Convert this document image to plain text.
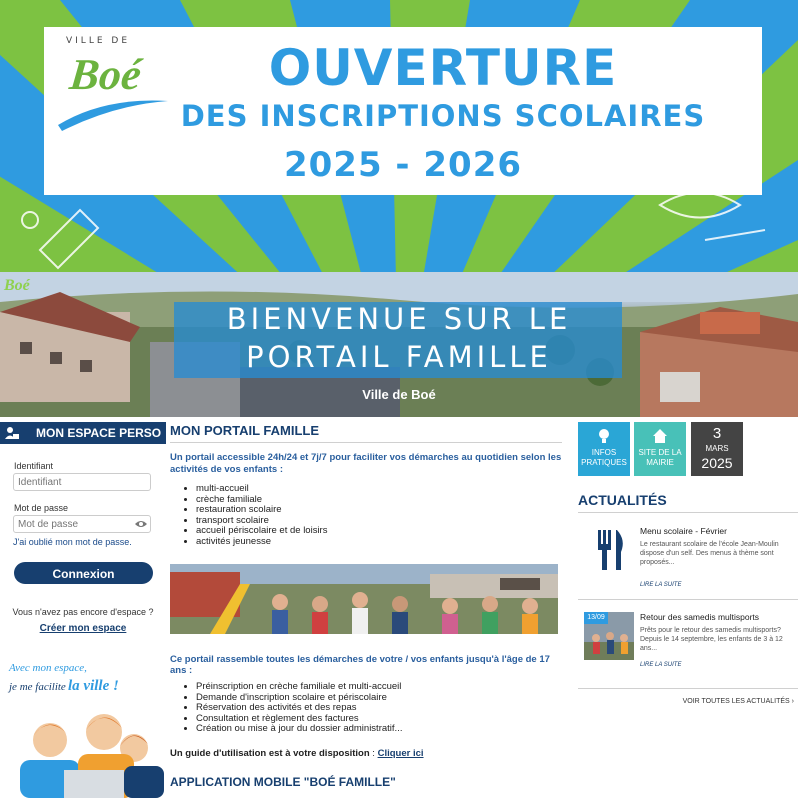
VILLE DE
Boé	OUVERTURE
DES INSCRIPTIONS SCOLAIRES
2025 - 2026
Boé
BIENVENUE SUR LE
PORTAIL FAMILLE
Ville de Boé
MON ESPACE PERSO
Identifiant
Identifiant
Mot de passe
J'ai oublié mon mot de passe.
Connexion
Vous n'avez pas encore d'espace ?
Créer mon espace
Avec mon espace,
je me facilite la ville !
MON PORTAIL FAMILLE
Un portail accessible 24h/24 et 7j/7 pour faciliter vos démarches au quotidien selon les activités de vos enfants :
• multi-accueil
• crèche familiale
• restauration scolaire
• transport scolaire
• accueil périscolaire et de loisirs
• activités jeunesse
Ce portail rassemble toutes les démarches de votre / vos enfants jusqu'à l'âge de 17 ans :
• Préinscription en crèche familiale et multi-accueil
• Demande d'inscription scolaire et périscolaire
• Réservation des activités et des repas
• Consultation et règlement des factures
• Création ou mise à jour du dossier administratif...
Un guide d'utilisation est à votre disposition : Cliquer ici
APPLICATION MOBILE "BOÉ FAMILLE"
INFOS PRATIQUES
SITE DE LA MAIRIE
3
MARS
2025
ACTUALITÉS
Menu scolaire - Février
Le restaurant scolaire de l'école Jean-Moulin dispose d'un self. Des menus à thème sont proposés...
LIRE LA SUITE
13/09	Retour des samedis multisports
Prêts pour le retour des samedis multisports? Depuis le 14 septembre, les enfants de 3 à 12 ans...
LIRE LA SUITE
VOIR TOUTES LES ACTUALITÉS ›
